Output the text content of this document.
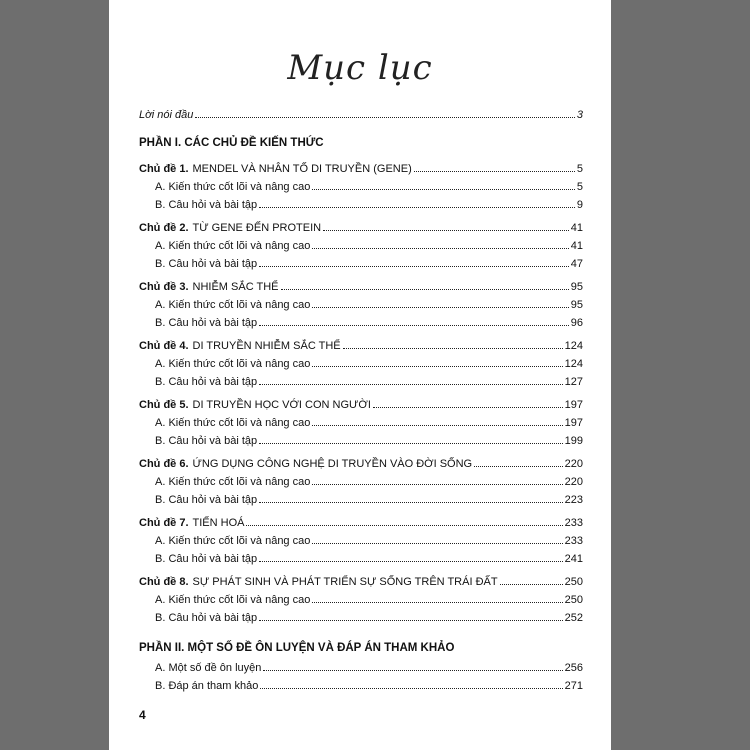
Mục lục
Lời nói đầu	3
PHẦN I. CÁC CHỦ ĐỀ KIẾN THỨC
Chủ đề 1. MENDEL VÀ NHÂN TỐ DI TRUYỀN (GENE)	5
A. Kiến thức cốt lõi và nâng cao	5
B. Câu hỏi và bài tập	9
Chủ đề 2. TỪ GENE ĐẾN PROTEIN	41
A. Kiến thức cốt lõi và nâng cao	41
B. Câu hỏi và bài tập	47
Chủ đề 3. NHIỄM SẮC THỂ	95
A. Kiến thức cốt lõi và nâng cao	95
B. Câu hỏi và bài tập	96
Chủ đề 4. DI TRUYỀN NHIỄM SẮC THỂ	124
A. Kiến thức cốt lõi và nâng cao	124
B. Câu hỏi và bài tập	127
Chủ đề 5. DI TRUYỀN HỌC VỚI CON NGƯỜI	197
A. Kiến thức cốt lõi và nâng cao	197
B. Câu hỏi và bài tập	199
Chủ đề 6. ỨNG DỤNG CÔNG NGHỆ DI TRUYỀN VÀO ĐỜI SỐNG	220
A. Kiến thức cốt lõi và nâng cao	220
B. Câu hỏi và bài tập	223
Chủ đề 7. TIẾN HOÁ	233
A. Kiến thức cốt lõi và nâng cao	233
B. Câu hỏi và bài tập	241
Chủ đề 8. SỰ PHÁT SINH VÀ PHÁT TRIỂN SỰ SỐNG TRÊN TRÁI ĐẤT	250
A. Kiến thức cốt lõi và nâng cao	250
B. Câu hỏi và bài tập	252
PHẦN II. MỘT SỐ ĐỀ ÔN LUYỆN VÀ ĐÁP ÁN THAM KHẢO
A. Một số đề ôn luyện	256
B. Đáp án tham khảo	271
4
